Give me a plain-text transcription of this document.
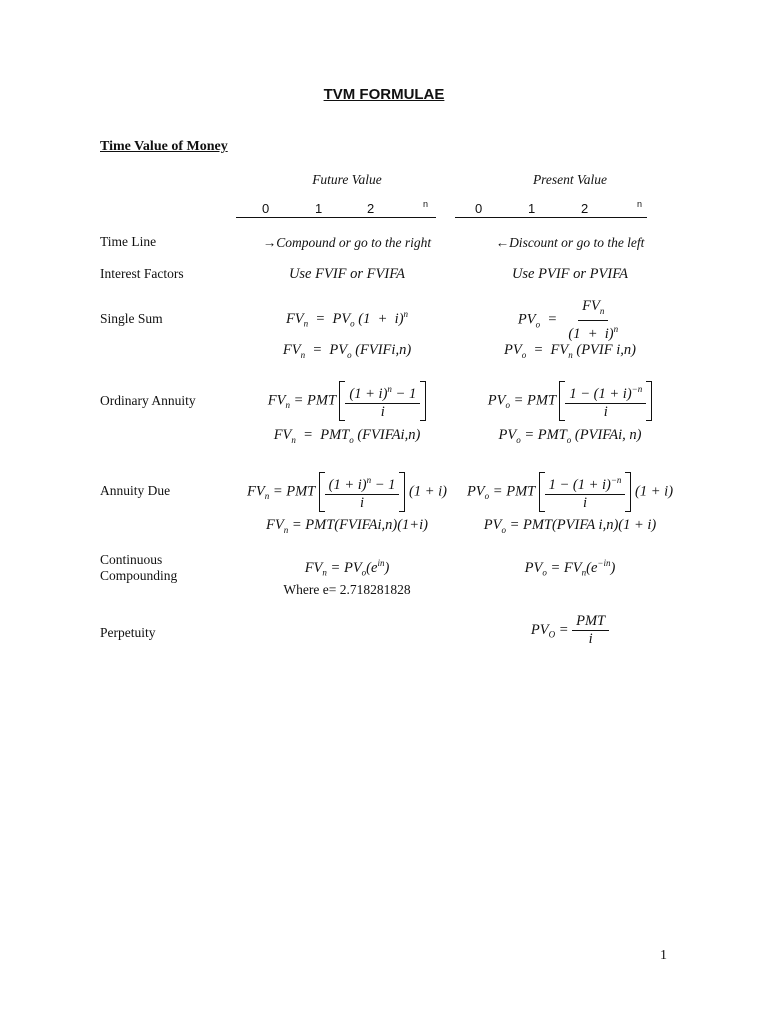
TVM FORMULAE
Time Value of Money
Future Value	Present Value
0	1	2	n	0	1	2	n
Time Line	→Compound or go to the right	←Discount or go to the left
Interest Factors	Use FVIF or FVIFA	Use PVIF or PVIFA
Single Sum	$FV_n = PV_o$ $(1 + i)^n$	$PV_o = \frac{FV_n}{(1 + i)^n}$
$FV_n = PV_o$ (FVIFi,n)	$PV_o = FV_n$ (PVIF i,n)
Ordinary Annuity	$FV_n$ = PMT $\frac{(1 + i)^n - 1}{i}$	$PV_o$ = PMT $\frac{1 - (1 + i)^{-n}}{i}$
$FV_n = PMT_o$ (FVIFAi,n)	$PV_o = PMT_o$ (PVIFAi, n)
Annuity Due	$FV_n$ = PMT $\frac{(1 + i)^n - 1}{i} (1 + i)$	$PV_o$ = PMT $\frac{1 - (1 + i)^{-n}}{i} (1 + i)$
$FV_n$ = PMT(FVIFAi,n)(1+i)	$PV_o$ = PMT(PVIFA i,n)(1 + i)
Continuous
Compounding	$FV_n = PV_o(e^{in})$	$PV_o = FV_n(e^{-in})$
Where e= 2.718281828
Perpetuity	$PV_O = \frac{\text{PMT}}{i}$
1
